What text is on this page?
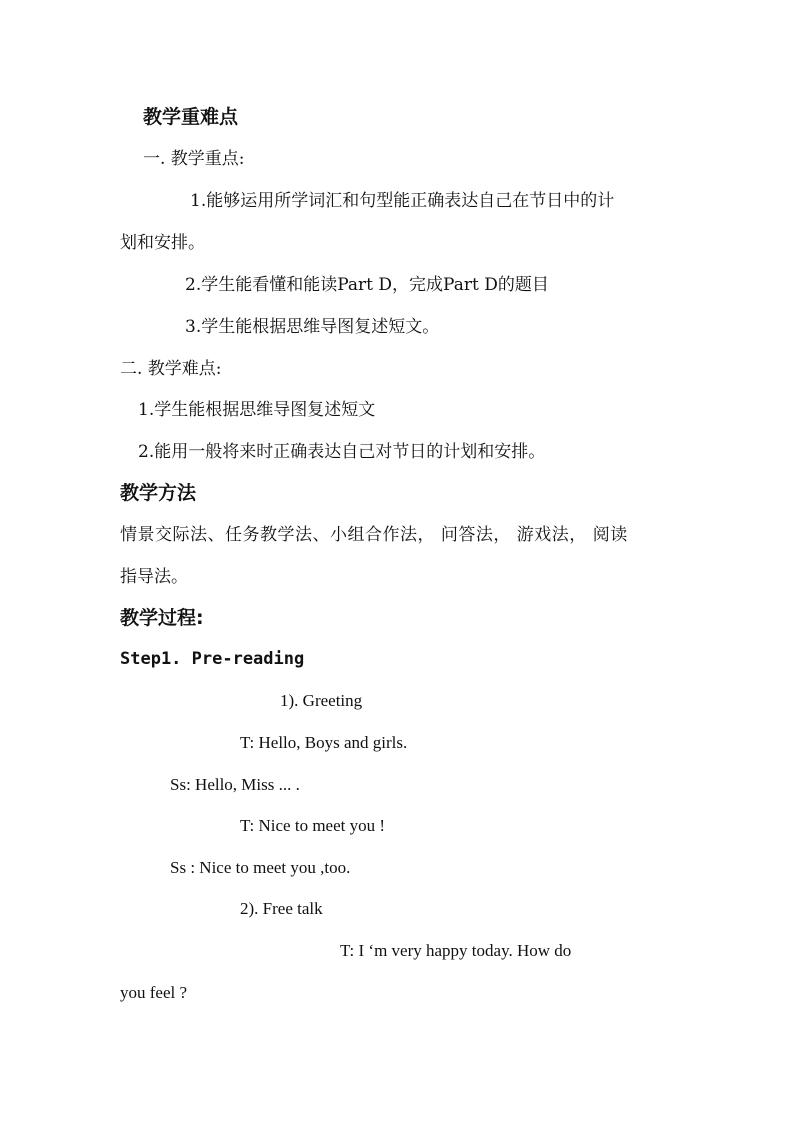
教学重难点
一. 教学重点:
1.能够运用所学词汇和句型能正确表达自己在节日中的计
划和安排。
2.学生能看懂和能读Part D，完成Part D的题目
3.学生能根据思维导图复述短文。
二. 教学难点:
1.学生能根据思维导图复述短文
2.能用一般将来时正确表达自己对节日的计划和安排。
教学方法
情景交际法、任务教学法、小组合作法， 问答法， 游戏法， 阅读
指导法。
教学过程:
Step1. Pre-reading
1). Greeting
T: Hello, Boys and girls.
Ss: Hello, Miss ... .
T: Nice to meet you !
Ss : Nice to meet you ,too.
2). Free talk
T: I ‘m very happy today. How do
you feel ?
